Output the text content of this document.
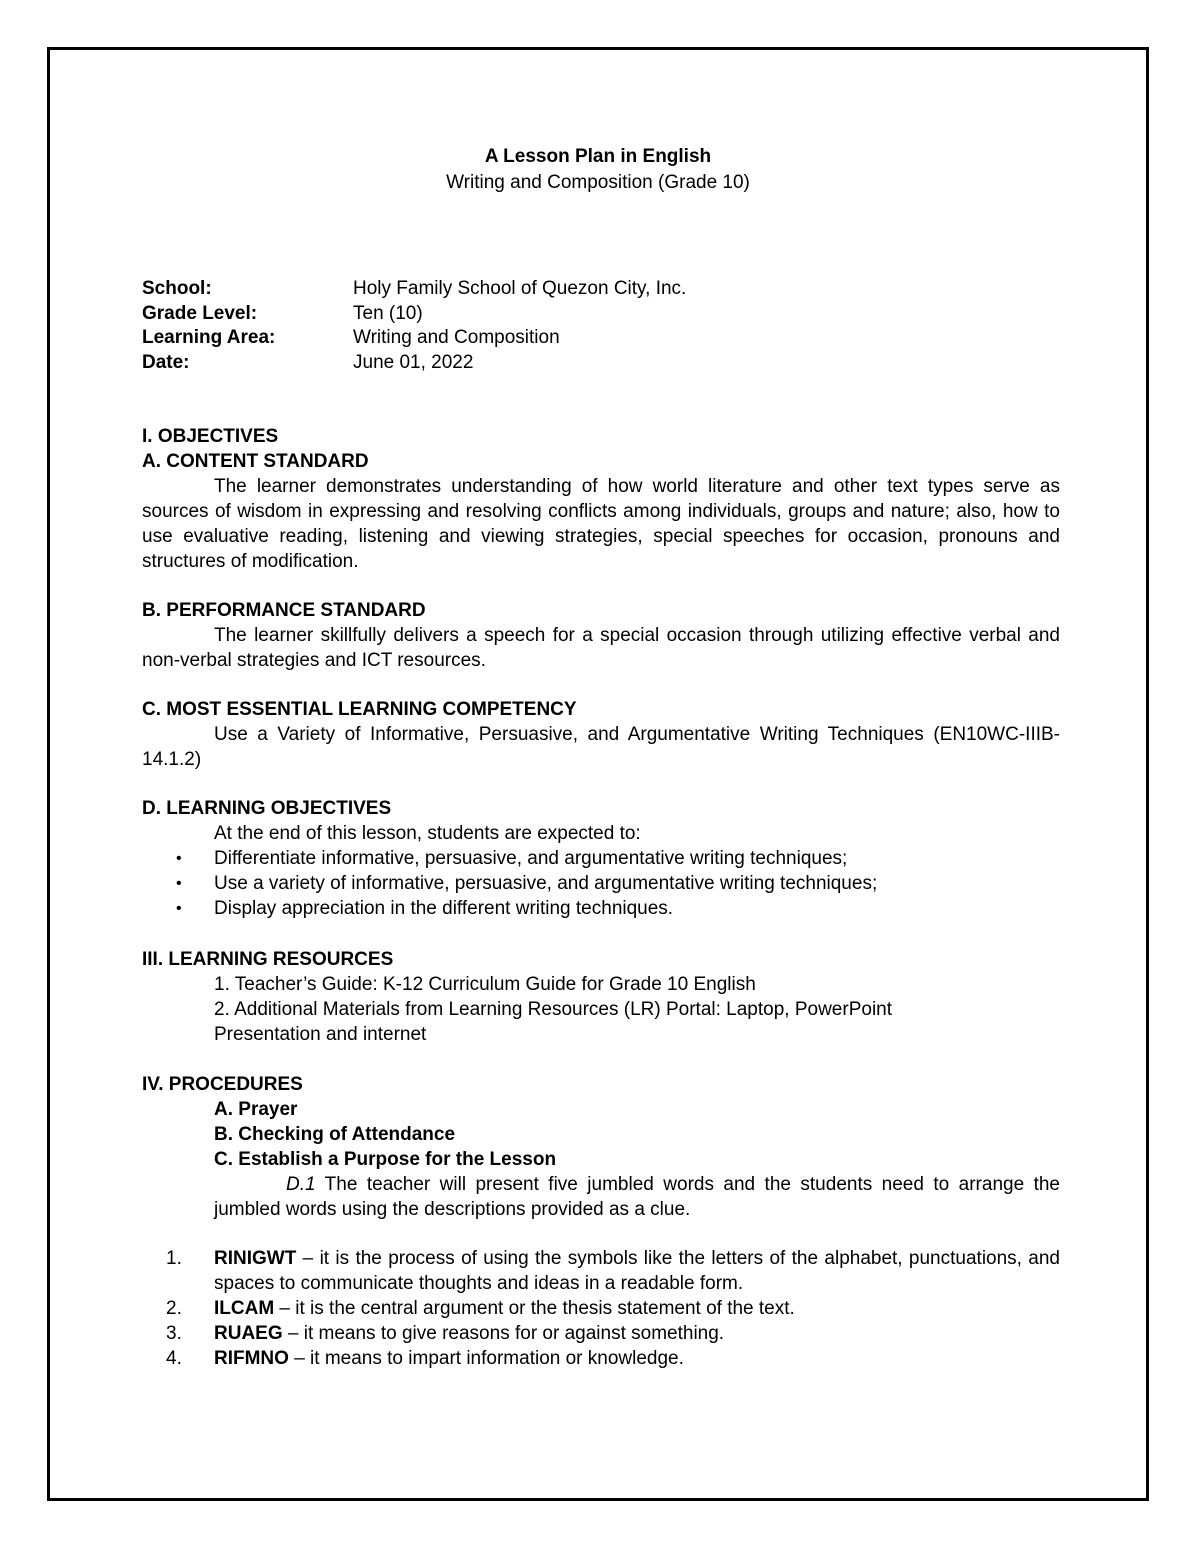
A Lesson Plan in English
Writing and Composition (Grade 10)
School:	Holy Family School of Quezon City, Inc.
Grade Level:	Ten (10)
Learning Area:	Writing and Composition
Date:	June 01, 2022
I. OBJECTIVES
A. CONTENT STANDARD

The learner demonstrates understanding of how world literature and other text types serve as sources of wisdom in expressing and resolving conflicts among individuals, groups and nature; also, how to use evaluative reading, listening and viewing strategies, special speeches for occasion, pronouns and structures of modification.

B. PERFORMANCE STANDARD

The learner skillfully delivers a speech for a special occasion through utilizing effective verbal and non-verbal strategies and ICT resources.

C. MOST ESSENTIAL LEARNING COMPETENCY

Use a Variety of Informative, Persuasive, and Argumentative Writing Techniques (EN10WC-IIIB-14.1.2)

D. LEARNING OBJECTIVES
At the end of this lesson, students are expected to:
• Differentiate informative, persuasive, and argumentative writing techniques;
• Use a variety of informative, persuasive, and argumentative writing techniques;
• Display appreciation in the different writing techniques.
III. LEARNING RESOURCES
1. Teacher’s Guide: K-12 Curriculum Guide for Grade 10 English
2. Additional Materials from Learning Resources (LR) Portal: Laptop, PowerPoint
Presentation and internet
IV. PROCEDURES
A. Prayer
B. Checking of Attendance
C. Establish a Purpose for the Lesson

D.1 The teacher will present five jumbled words and the students need to arrange the jumbled words using the descriptions provided as a clue.

1. RINIGWT – it is the process of using the symbols like the letters of the alphabet, punctuations, and spaces to communicate thoughts and ideas in a readable form.
2. ILCAM – it is the central argument or the thesis statement of the text.
3. RUAEG – it means to give reasons for or against something.
4. RIFMNO – it means to impart information or knowledge.
